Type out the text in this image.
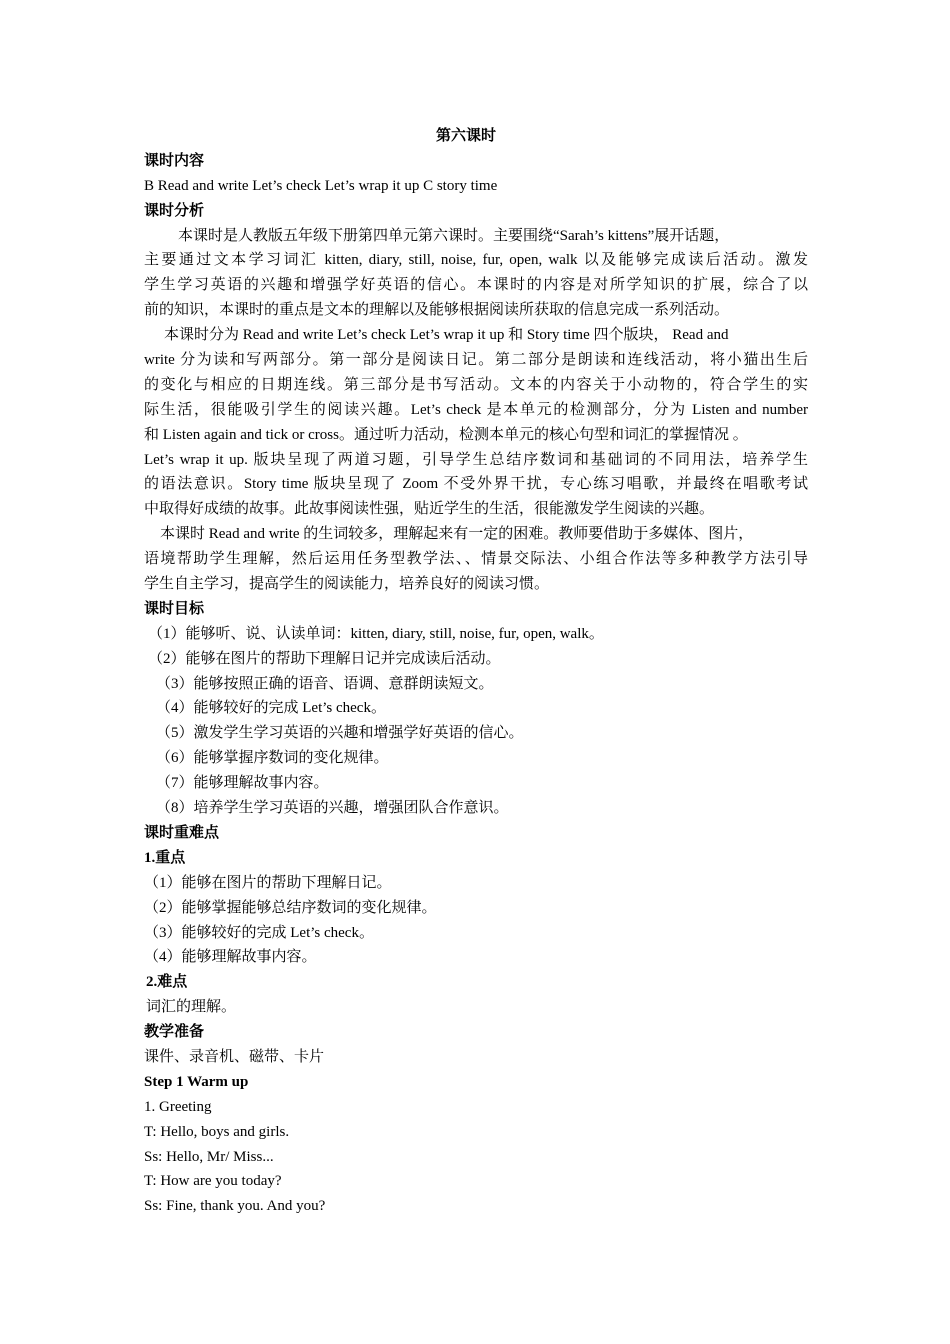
第六课时
课时内容
B Read and write Let’s check Let’s wrap it up C story time
课时分析
本课时是人教版五年级下册第四单元第六课时。主要围绕“Sarah’s kittens”展开话题，
主要通过文本学习词汇 kitten, diary, still, noise, fur, open, walk 以及能够完成读后活动。激发
学生学习英语的兴趣和增强学好英语的信心。本课时的内容是对所学知识的扩展，综合了以
前的知识，本课时的重点是文本的理解以及能够根据阅读所获取的信息完成一系列活动。
本课时分为 Read and write Let’s check Let’s wrap it up 和 Story time 四个版块， Read and
write 分为读和写两部分。第一部分是阅读日记。第二部分是朗读和连线活动，将小猫出生后
的变化与相应的日期连线。第三部分是书写活动。文本的内容关于小动物的，符合学生的实
际生活，很能吸引学生的阅读兴趣。Let’s check 是本单元的检测部分，分为 Listen and number
和 Listen again and tick or cross。通过听力活动，检测本单元的核心句型和词汇的掌握情况 。
Let’s wrap it up. 版块呈现了两道习题，引导学生总结序数词和基础词的不同用法，培养学生
的语法意识。Story time 版块呈现了 Zoom 不受外界干扰，专心练习唱歌，并最终在唱歌考试
中取得好成绩的故事。此故事阅读性强，贴近学生的生活，很能激发学生阅读的兴趣。
本课时 Read and write 的生词较多，理解起来有一定的困难。教师要借助于多媒体、图片，
语境帮助学生理解，然后运用任务型教学法、、情景交际法、小组合作法等多种教学方法引导
学生自主学习，提高学生的阅读能力，培养良好的阅读习惯。
课时目标
（1）能够听、说、认读单词：kitten, diary, still, noise, fur, open, walk。
（2）能够在图片的帮助下理解日记并完成读后活动。
（3）能够按照正确的语音、语调、意群朗读短文。
（4）能够较好的完成 Let’s check。
（5）激发学生学习英语的兴趣和增强学好英语的信心。
（6）能够掌握序数词的变化规律。
（7）能够理解故事内容。
（8）培养学生学习英语的兴趣，增强团队合作意识。
课时重难点
1.重点
（1）能够在图片的帮助下理解日记。
（2）能够掌握能够总结序数词的变化规律。
（3）能够较好的完成 Let’s check。
（4）能够理解故事内容。
2.难点
词汇的理解。
教学准备
课件、录音机、磁带、卡片
Step 1 Warm up
1. Greeting
T: Hello, boys and girls.
Ss: Hello, Mr/ Miss...
T: How are you today?
Ss: Fine, thank you. And you?
